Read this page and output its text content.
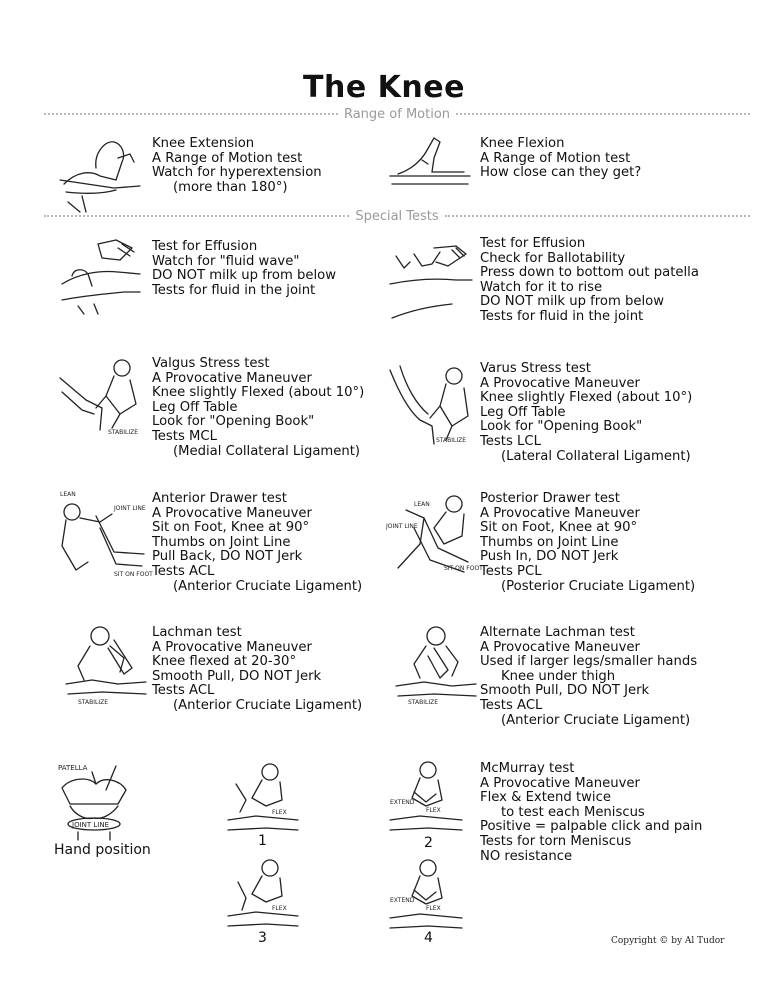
The Knee
Range of Motion
Special Tests
Knee Extension
A Range of Motion test
Watch for hyperextension
(more than 180°)
Knee Flexion
A Range of Motion test
How close can they get?
Test for Effusion
Watch for "fluid wave"
DO NOT milk up from below
Tests for fluid in the joint
Test for Effusion
Check for Ballotability
Press down to bottom out patella
Watch for it to rise
DO NOT milk up from below
Tests for fluid in the joint
Valgus Stress test
A Provocative Maneuver
Knee slightly Flexed (about 10°)
Leg Off Table
Look for "Opening Book"
Tests MCL
(Medial Collateral Ligament)
Varus Stress test
A Provocative Maneuver
Knee slightly Flexed (about 10°)
Leg Off Table
Look for "Opening Book"
Tests LCL
(Lateral Collateral Ligament)
Anterior Drawer test
A Provocative Maneuver
Sit on Foot, Knee at 90°
Thumbs on Joint Line
Pull Back, DO NOT Jerk
Tests ACL
(Anterior Cruciate Ligament)
Posterior Drawer test
A Provocative Maneuver
Sit on Foot, Knee at 90°
Thumbs on Joint Line
Push In, DO NOT Jerk
Tests PCL
(Posterior Cruciate Ligament)
Lachman test
A Provocative Maneuver
Knee flexed at 20-30°
Smooth Pull, DO NOT Jerk
Tests ACL
(Anterior Cruciate Ligament)
Alternate Lachman test
A Provocative Maneuver
Used if larger legs/smaller hands
Knee under thigh
Smooth Pull, DO NOT Jerk
Tests ACL
(Anterior Cruciate Ligament)
McMurray test
A Provocative Maneuver
Flex & Extend twice
to test each Meniscus
Positive = palpable click and pain
Tests for torn Meniscus
NO resistance
STABILIZE
STABILIZE
LEAN
JOINT LINE
SIT ON FOOT
LEAN
JOINT LINE
SIT ON FOOT
STABILIZE	STABILIZE
PATELLA
JOINT LINE
Hand position
FLEX
1
EXTEND
FLEX
2
FLEX
3
EXTEND
FLEX
4	Copyright © by Al Tudor
